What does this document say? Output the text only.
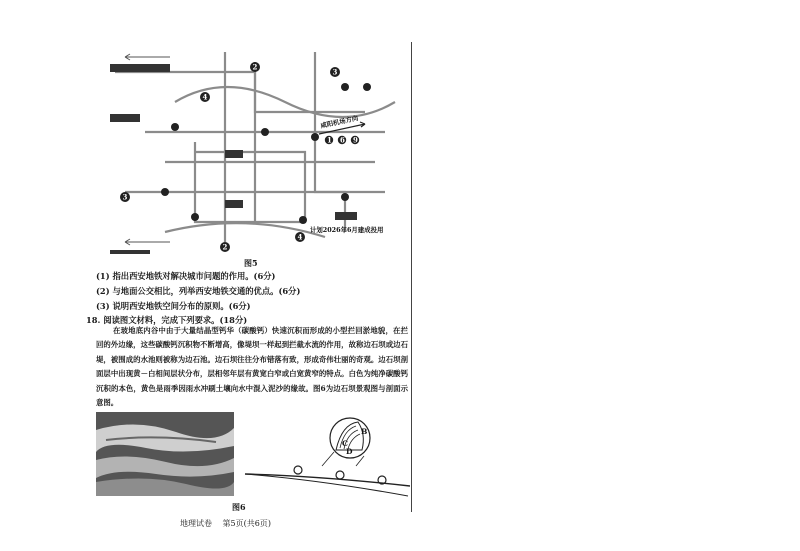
2
3
4
3
2
4
1 6 9
咸阳机场方向
计划2026年6月建成投用
图5
(1) 指出西安地铁对解决城市问题的作用。(6分)
(2) 与地面公交相比，列举西安地铁交通的优点。(6分)
(3) 说明西安地铁空间分布的原则。(6分)
18. 阅读图文材料，完成下列要求。(18分)
在玻地底内谷中由于大量结晶型钙华（碳酸钙）快速沉积而形成的小型拦回淤地貌，在拦回的外边缘，这些碳酸钙沉积物不断增高，像堤坝一样起到拦截水流的作用，故称边石坝或边石堤，被围成的水池则被称为边石池。边石坝往往分布错落有致，形成奇伟壮丽的奇观。边石坝剖面层中出现黄－白相间层状分布，层相邻年层有黄宽白窄或白宽黄窄的特点。白色为纯净碳酸钙沉积的本色，黄色是雨季因雨水冲刷土壤向水中混入泥沙的缘故。图6为边石坝景观图与剖面示意图。
B
C
D
图6
地理试卷 第5页(共6页)
